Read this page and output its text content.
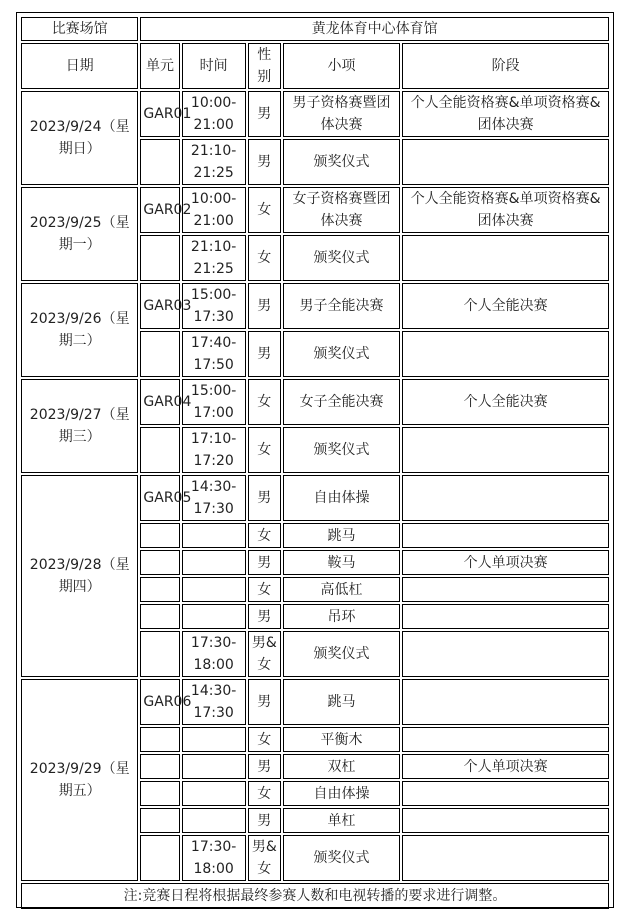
比赛场馆	黄龙体育中心体育馆				
日期	单元	时间	性别	小项	阶段
2023/9/24（星期日）	GAR01	10:00-21:00	男	男子资格赛暨团体决赛	个人全能资格赛&单项资格赛&团体决赛
		21:10-21:25	男	颁奖仪式	
2023/9/25（星期一）	GAR02	10:00-21:00	女	女子资格赛暨团体决赛	个人全能资格赛&单项资格赛&团体决赛
		21:10-21:25	女	颁奖仪式	
2023/9/26（星期二）	GAR03	15:00-17:30	男	男子全能决赛	个人全能决赛
		17:40-17:50	男	颁奖仪式	
2023/9/27（星期三）	GAR04	15:00-17:00	女	女子全能决赛	个人全能决赛
		17:10-17:20	女	颁奖仪式	
2023/9/28（星期四）	GAR05	14:30-17:30	男	自由体操	
			女	跳马	
			男	鞍马	个人单项决赛
			女	高低杠	
			男	吊环	
		17:30-18:00	男&女	颁奖仪式	
2023/9/29（星期五）	GAR06	14:30-17:30	男	跳马	
			女	平衡木	
			男	双杠	个人单项决赛
			女	自由体操	
			男	单杠	
		17:30-18:00	男&女	颁奖仪式	
注:竞赛日程将根据最终参赛人数和电视转播的要求进行调整。					
